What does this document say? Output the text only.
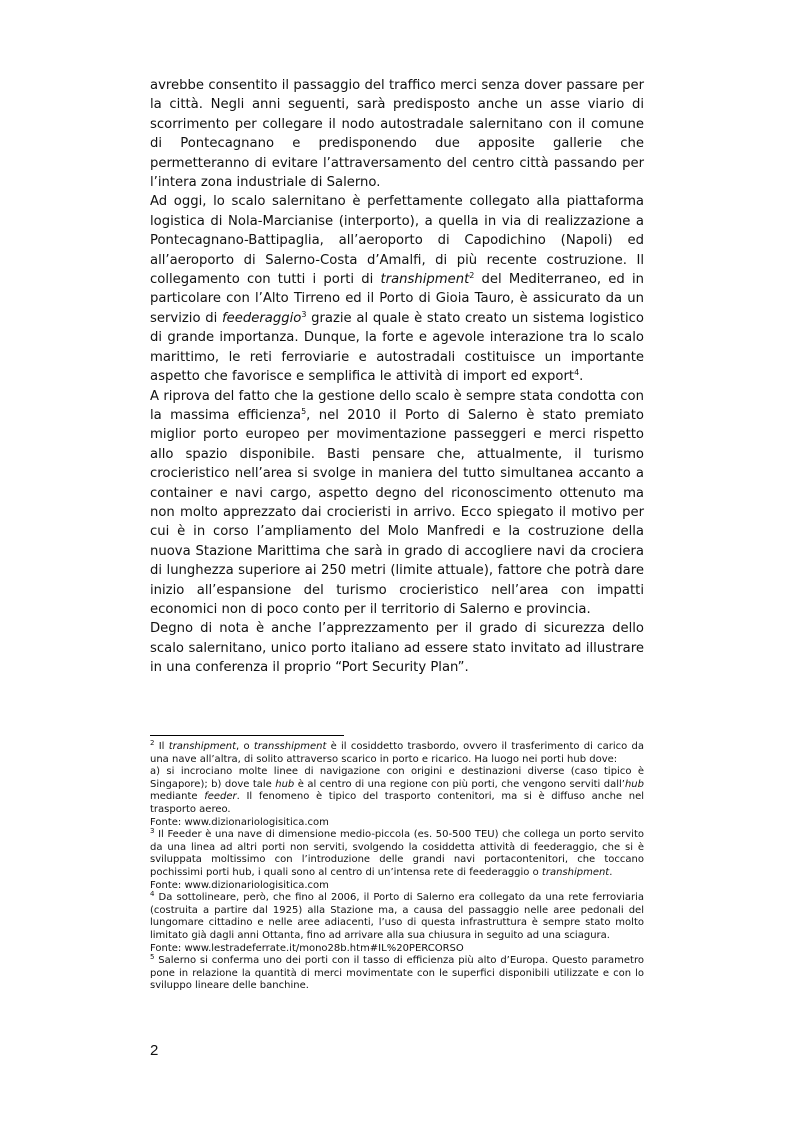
avrebbe consentito il passaggio del traffico merci senza dover passare per la città. Negli anni seguenti, sarà predisposto anche un asse viario di scorrimento per collegare il nodo autostradale salernitano con il comune di Pontecagnano e predisponendo due apposite gallerie che permetteranno di evitare l’attraversamento del centro città passando per l’intera zona industriale di Salerno.

Ad oggi, lo scalo salernitano è perfettamente collegato alla piattaforma logistica di Nola-Marcianise (interporto), a quella in via di realizzazione a Pontecagnano-Battipaglia, all’aeroporto di Capodichino (Napoli) ed all’aeroporto di Salerno-Costa d’Amalfi, di più recente costruzione. Il collegamento con tutti i porti di transhipment$^2$ del Mediterraneo, ed in particolare con l’Alto Tirreno ed il Porto di Gioia Tauro, è assicurato da un servizio di feederaggio$^3$ grazie al quale è stato creato un sistema logistico di grande importanza. Dunque, la forte e agevole interazione tra lo scalo marittimo, le reti ferroviarie e autostradali costituisce un importante aspetto che favorisce e semplifica le attività di import ed export$^4$.

A riprova del fatto che la gestione dello scalo è sempre stata condotta con la massima efficienza$^5$, nel 2010 il Porto di Salerno è stato premiato miglior porto europeo per movimentazione passeggeri e merci rispetto allo spazio disponibile. Basti pensare che, attualmente, il turismo crocieristico nell’area si svolge in maniera del tutto simultanea accanto a container e navi cargo, aspetto degno del riconoscimento ottenuto ma non molto apprezzato dai crocieristi in arrivo. Ecco spiegato il motivo per cui è in corso l’ampliamento del Molo Manfredi e la costruzione della nuova Stazione Marittima che sarà in grado di accogliere navi da crociera di lunghezza superiore ai 250 metri (limite attuale), fattore che potrà dare inizio all’espansione del turismo crocieristico nell’area con impatti economici non di poco conto per il territorio di Salerno e provincia.

Degno di nota è anche l’apprezzamento per il grado di sicurezza dello scalo salernitano, unico porto italiano ad essere stato invitato ad illustrare in una conferenza il proprio “Port Security Plan”.

$^2$ Il transhipment, o transshipment è il cosiddetto trasbordo, ovvero il trasferimento di carico da una nave all’altra, di solito attraverso scarico in porto e ricarico. Ha luogo nei porti hub dove:

a) si incrociano molte linee di navigazione con origini e destinazioni diverse (caso tipico è Singapore); b) dove tale hub è al centro di una regione con più porti, che vengono serviti dall’hub mediante feeder. Il fenomeno è tipico del trasporto contenitori, ma si è diffuso anche nel trasporto aereo.

Fonte: www.dizionariologisitica.com

$^3$ Il Feeder è una nave di dimensione medio-piccola (es. 50-500 TEU) che collega un porto servito da una linea ad altri porti non serviti, svolgendo la cosiddetta attività di feederaggio, che si è sviluppata moltissimo con l’introduzione delle grandi navi portacontenitori, che toccano pochissimi porti hub, i quali sono al centro di un’intensa rete di feederaggio o transhipment.

Fonte: www.dizionariologisitica.com

$^4$ Da sottolineare, però, che fino al 2006, il Porto di Salerno era collegato da una rete ferroviaria (costruita a partire dal 1925) alla Stazione ma, a causa del passaggio nelle aree pedonali del lungomare cittadino e nelle aree adiacenti, l’uso di questa infrastruttura è sempre stato molto limitato già dagli anni Ottanta, fino ad arrivare alla sua chiusura in seguito ad una sciagura.

Fonte: www.lestradeferrate.it/mono28b.htm#IL%20PERCORSO

$^5$ Salerno si conferma uno dei porti con il tasso di efficienza più alto d’Europa. Questo parametro pone in relazione la quantità di merci movimentate con le superfici disponibili utilizzate e con lo sviluppo lineare delle banchine.

2
